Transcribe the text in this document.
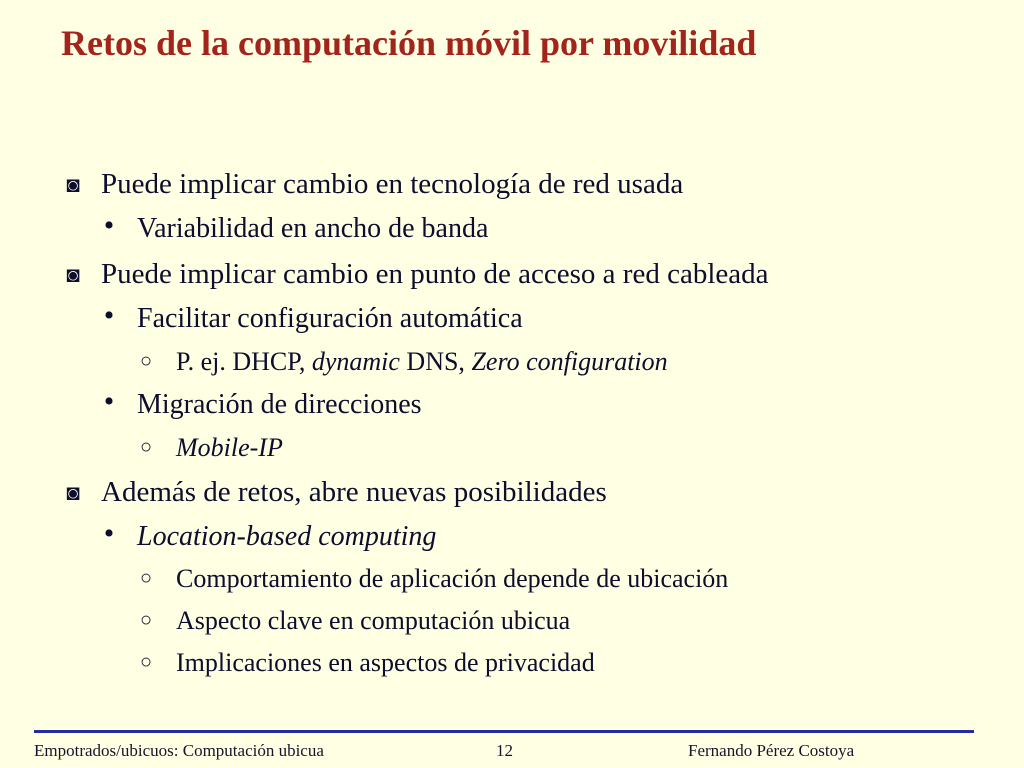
Retos de la computación móvil por movilidad
◙ Puede implicar cambio en tecnología de red usada
• Variabilidad en ancho de banda
◙ Puede implicar cambio en punto de acceso a red cableada
• Facilitar configuración automática
○ P. ej. DHCP, dynamic DNS, Zero configuration
• Migración de direcciones
○ Mobile-IP
◙ Además de retos, abre nuevas posibilidades
• Location-based computing
○ Comportamiento de aplicación depende de ubicación
○ Aspecto clave en computación ubicua
○ Implicaciones en aspectos de privacidad
Empotrados/ubicuos: Computación ubicua	12	Fernando Pérez Costoya
